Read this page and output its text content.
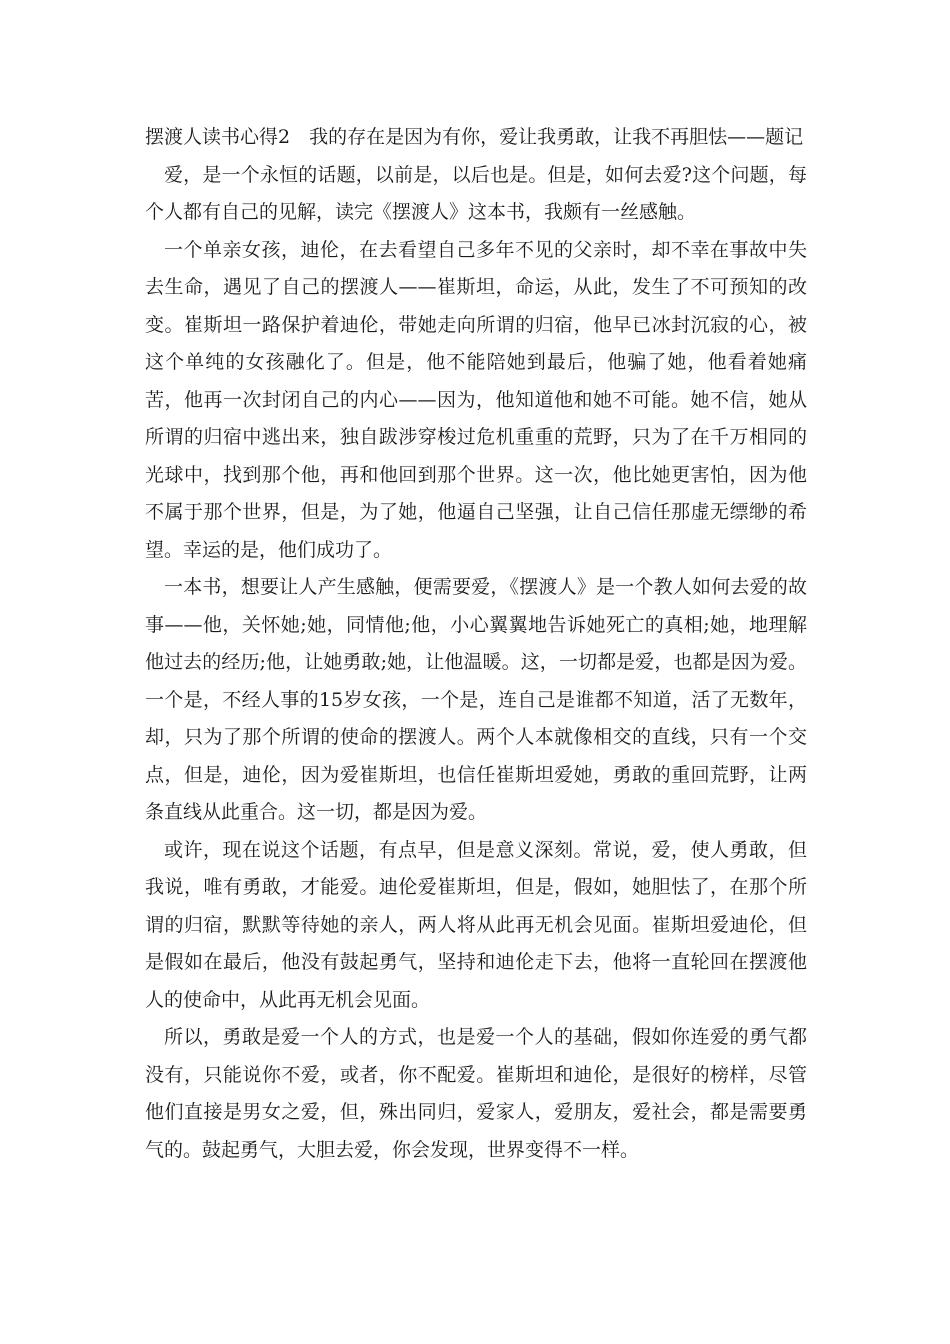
摆渡人读书心得2　我的存在是因为有你，爱让我勇敢，让我不再胆怯——题记

爱，是一个永恒的话题，以前是，以后也是。但是，如何去爱?这个问题，每个人都有自己的见解，读完《摆渡人》这本书，我颇有一丝感触。

一个单亲女孩，迪伦，在去看望自己多年不见的父亲时，却不幸在事故中失去生命，遇见了自己的摆渡人——崔斯坦，命运，从此，发生了不可预知的改变。崔斯坦一路保护着迪伦，带她走向所谓的归宿，他早已冰封沉寂的心，被这个单纯的女孩融化了。但是，他不能陪她到最后，他骗了她，他看着她痛苦，他再一次封闭自己的内心——因为，他知道他和她不可能。她不信，她从所谓的归宿中逃出来，独自跋涉穿梭过危机重重的荒野，只为了在千万相同的光球中，找到那个他，再和他回到那个世界。这一次，他比她更害怕，因为他不属于那个世界，但是，为了她，他逼自己坚强，让自己信任那虚无缥缈的希望。幸运的是，他们成功了。

一本书，想要让人产生感触，便需要爱，《摆渡人》是一个教人如何去爱的故事——他，关怀她;她，同情他;他，小心翼翼地告诉她死亡的真相;她，地理解他过去的经历;他，让她勇敢;她，让他温暖。这，一切都是爱，也都是因为爱。一个是，不经人事的15岁女孩，一个是，连自己是谁都不知道，活了无数年，却，只为了那个所谓的使命的摆渡人。两个人本就像相交的直线，只有一个交点，但是，迪伦，因为爱崔斯坦，也信任崔斯坦爱她，勇敢的重回荒野，让两条直线从此重合。这一切，都是因为爱。

或许，现在说这个话题，有点早，但是意义深刻。常说，爱，使人勇敢，但我说，唯有勇敢，才能爱。迪伦爱崔斯坦，但是，假如，她胆怯了，在那个所谓的归宿，默默等待她的亲人，两人将从此再无机会见面。崔斯坦爱迪伦，但是假如在最后，他没有鼓起勇气，坚持和迪伦走下去，他将一直轮回在摆渡他人的使命中，从此再无机会见面。

所以，勇敢是爱一个人的方式，也是爱一个人的基础，假如你连爱的勇气都没有，只能说你不爱，或者，你不配爱。崔斯坦和迪伦，是很好的榜样，尽管他们直接是男女之爱，但，殊出同归，爱家人，爱朋友，爱社会，都是需要勇气的。鼓起勇气，大胆去爱，你会发现，世界变得不一样。
